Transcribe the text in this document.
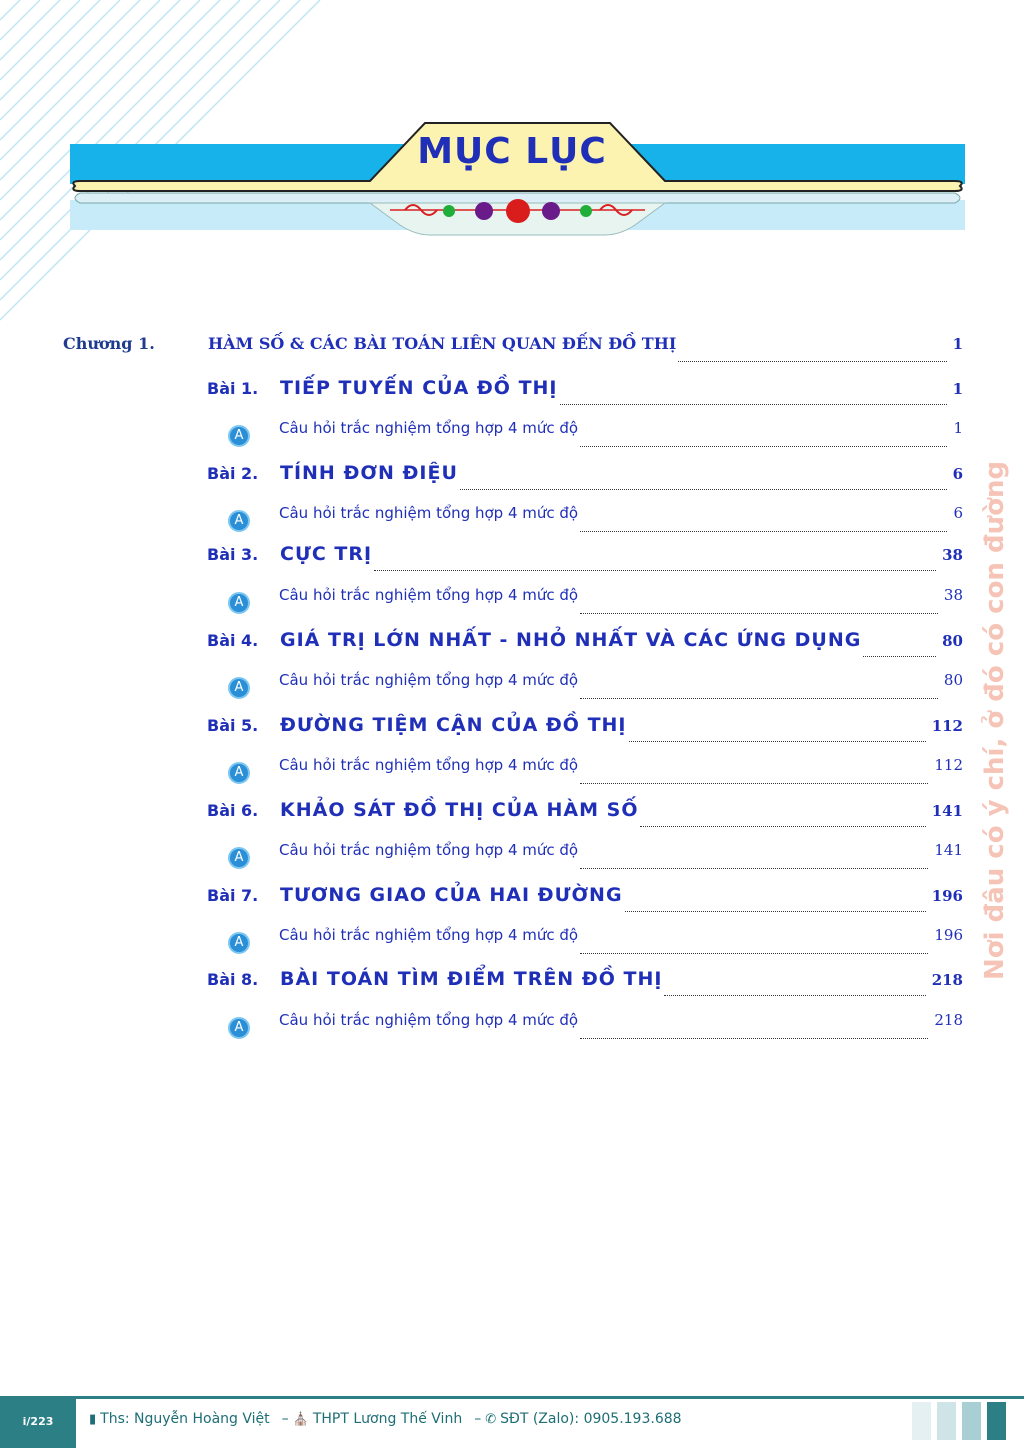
MỤC LỤC
Nơi đâu có ý chí, ở đó có con đường
Chương 1.	HÀM SỐ & CÁC BÀI TOÁN LIÊN QUAN ĐẾN ĐỒ THỊ	1
Bài 1.	TIẾP TUYẾN CỦA ĐỒ THỊ	1
A	Câu hỏi trắc nghiệm tổng hợp 4 mức độ	1
Bài 2.	TÍNH ĐƠN ĐIỆU	6
A	Câu hỏi trắc nghiệm tổng hợp 4 mức độ	6
Bài 3.	CỰC TRỊ	38
A	Câu hỏi trắc nghiệm tổng hợp 4 mức độ	38
Bài 4.	GIÁ TRỊ LỚN NHẤT - NHỎ NHẤT VÀ CÁC ỨNG DỤNG	80
A	Câu hỏi trắc nghiệm tổng hợp 4 mức độ	80
Bài 5.	ĐƯỜNG TIỆM CẬN CỦA ĐỒ THỊ	112
A	Câu hỏi trắc nghiệm tổng hợp 4 mức độ	112
Bài 6.	KHẢO SÁT ĐỒ THỊ CỦA HÀM SỐ	141
A	Câu hỏi trắc nghiệm tổng hợp 4 mức độ	141
Bài 7.	TƯƠNG GIAO CỦA HAI ĐƯỜNG	196
A	Câu hỏi trắc nghiệm tổng hợp 4 mức độ	196
Bài 8.	BÀI TOÁN TÌM ĐIỂM TRÊN ĐỒ THỊ	218
A	Câu hỏi trắc nghiệm tổng hợp 4 mức độ	218
i/223	▮ Ths: Nguyễn Hoàng Việt – ⛪ THPT Lương Thế Vinh – ✆ SĐT (Zalo): 0905.193.688
